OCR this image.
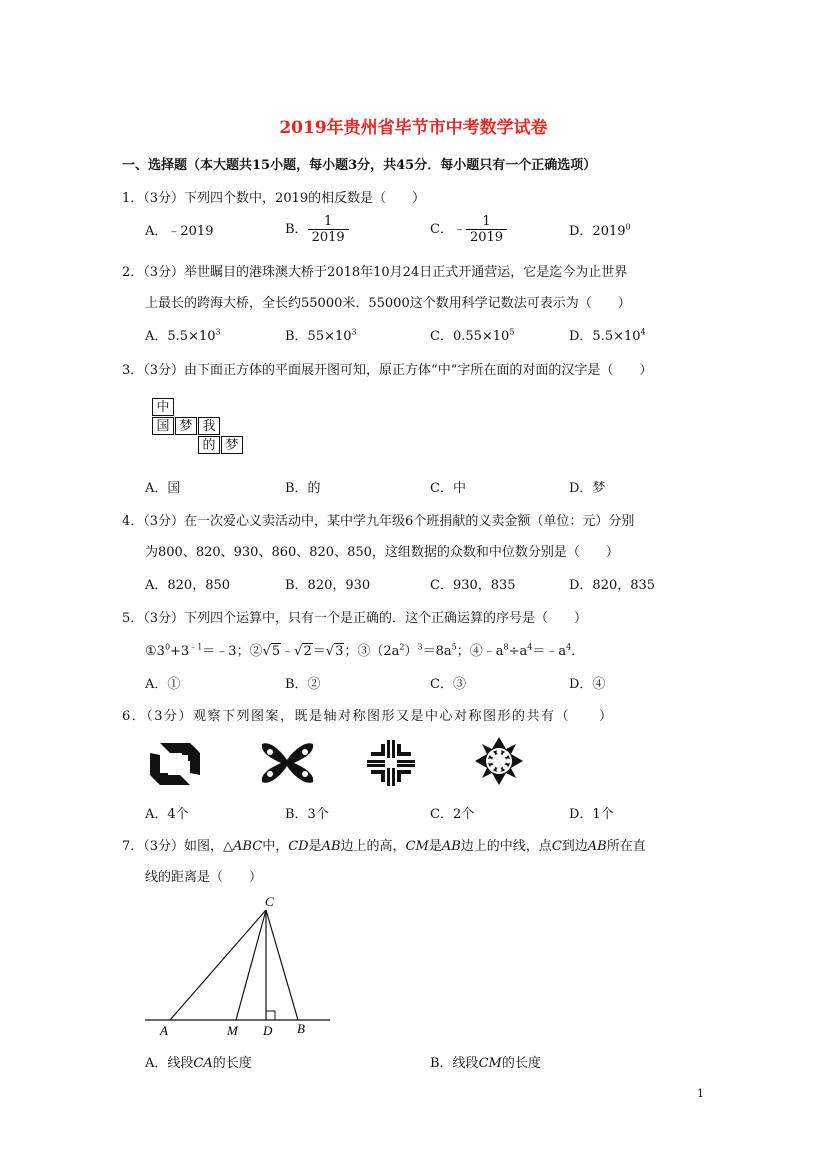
2019年贵州省毕节市中考数学试卷
一、选择题（本大题共15小题，每小题3分，共45分．每小题只有一个正确选项）
1．（3分）下列四个数中，2019的相反数是（　　）
A．﹣2019	B． $\frac{1}{2019}$	C．﹣ $\frac{1}{2019}$	D．2019$^0$
2．（3分）举世瞩目的港珠澳大桥于2018年10月24日正式开通营运，它是迄今为止世界
上最长的跨海大桥，全长约55000米．55000这个数用科学记数法可表示为（　　）
A．$5.5\times 10^3$	B．$55\times 10^3$	C．$0.55\times 10^5$	D．$5.5\times 10^4$
3．（3分）由下面正方体的平面展开图可知，原正方体“中”字所在面的对面的汉字是（　　）
中
国 梦 我
的 梦
A．国	B．的	C．中	D．梦
4．（3分）在一次爱心义卖活动中，某中学九年级6个班捐献的义卖金额（单位：元）分别
为800、820、930、860、820、850，这组数据的众数和中位数分别是（　　）
A．820，850	B．820，930	C．930，835	D．820，835
5．（3分）下列四个运算中，只有一个是正确的．这个正确运算的序号是（　　）
$①3^0+3^{﹣1}=﹣3$；②√5﹣√2＝√3；$③(2a^2)^3=8a^5$；$④﹣a^8\div a^4=﹣a^4$．
A．①	B．②	C．③	D．④
6．（3分）观察下列图案，既是轴对称图形又是中心对称图形的共有（　　）
A．4个	B．3个	C．2个	D．1个
7．（3分）如图，△ABC中，CD是AB边上的高，CM是AB边上的中线，点C到边AB所在直
线的距离是（　　）
C
A	M D B
A．线段CA的长度	B．线段CM的长度
1
